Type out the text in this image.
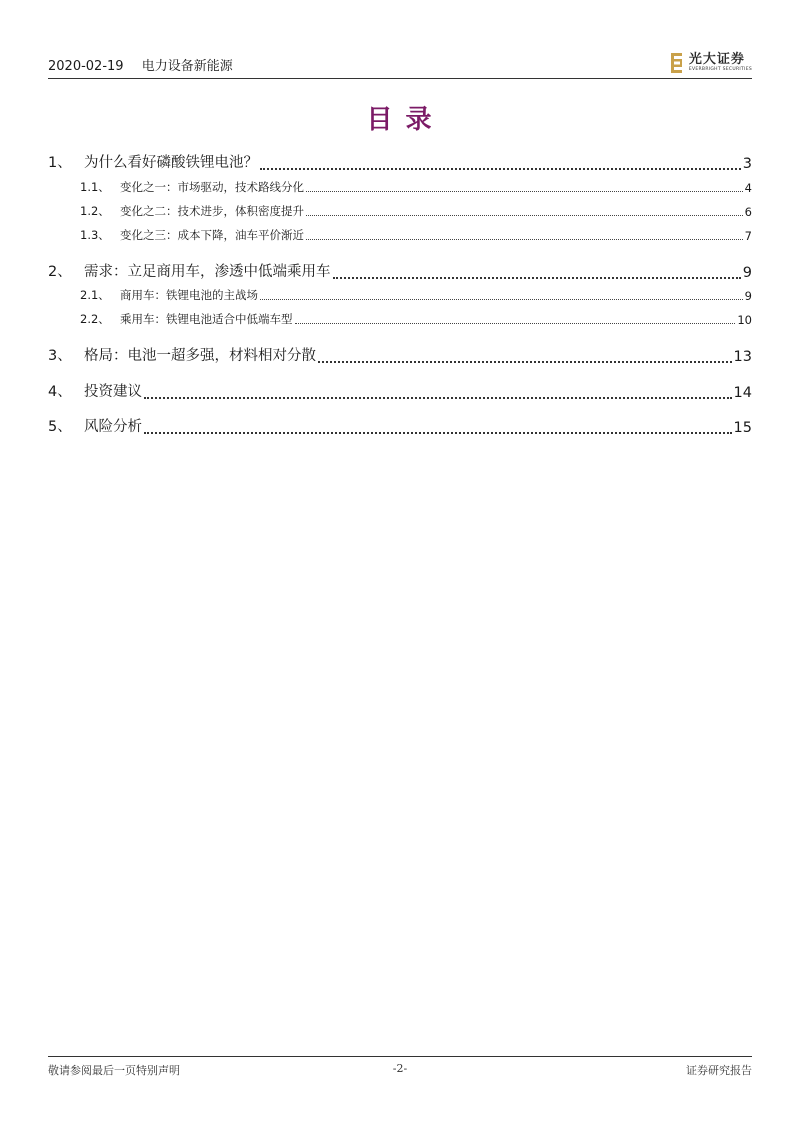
2020-02-19 电力设备新能源	光大证券
EVERBRIGHT SECURITIES
目 录
1、 为什么看好磷酸铁锂电池？	3
1.1、 变化之一：市场驱动，技术路线分化	4
1.2、 变化之二：技术进步，体积密度提升	6
1.3、 变化之三：成本下降，油车平价渐近	7
2、 需求：立足商用车，渗透中低端乘用车	9
2.1、 商用车：铁锂电池的主战场	9
2.2、 乘用车：铁锂电池适合中低端车型	10
3、 格局：电池一超多强，材料相对分散	13
4、 投资建议	14
5、 风险分析	15
敬请参阅最后一页特别声明	-2-	证券研究报告
